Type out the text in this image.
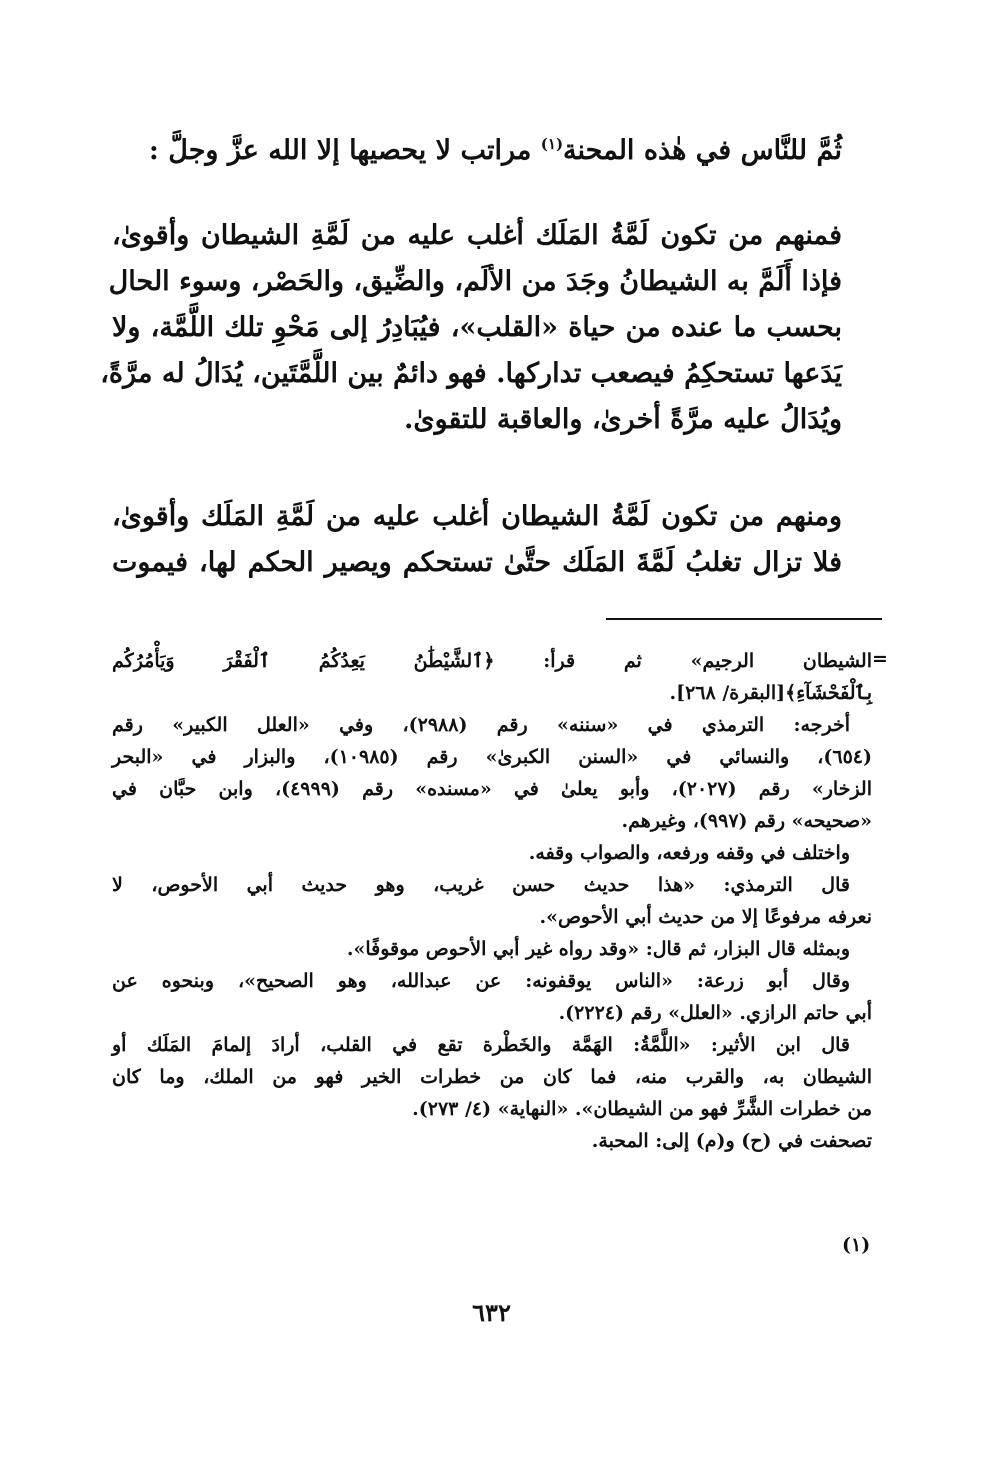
ثُمَّ للنَّاس في هٰذه المحنة$^{(١)}$ مراتب لا يحصيها إلا الله عزَّ وجلَّ :
فمنهم من تكون لَمَّةُ المَلَك أغلب عليه من لَمَّةِ الشيطان وأقوىٰ،
فإذا أَلَمَّ به الشيطانُ وجَدَ من الألَم، والضِّيق، والحَصْر، وسوء الحال
بحسب ما عنده من حياة «القلب»، فيُبَادِرُ إلى مَحْوِ تلك اللَّمَّة، ولا
يَدَعها تستحكِمُ فيصعب تداركها. فهو دائمٌ بين اللَّمَّتَين، يُدَالُ له مرَّةً،
ويُدَالُ عليه مرَّةً أخرىٰ، والعاقبة للتقوىٰ.
ومنهم من تكون لَمَّةُ الشيطان أغلب عليه من لَمَّةِ المَلَك وأقوىٰ،
فلا تزال تغلبُ لَمَّةَ المَلَك حتَّىٰ تستحكم ويصير الحكم لها، فيموت
=
الشيطان الرجيم» ثم قرأ: ﴿ٱلشَّيْطَٰنُ يَعِدُكُمُ ٱلْفَقْرَ وَيَأْمُرُكُم
بِٱلْفَحْشَآءِ﴾[البقرة/ ٢٦٨].
أخرجه: الترمذي في «سننه» رقم (٢٩٨٨)، وفي «العلل الكبير» رقم
(٦٥٤)، والنسائي في «السنن الكبرىٰ» رقم (١٠٩٨٥)، والبزار في «البحر
الزخار» رقم (٢٠٢٧)، وأبو يعلىٰ في «مسنده» رقم (٤٩٩٩)، وابن حبَّان في
«صحيحه» رقم (٩٩٧)، وغيرهم.
واختلف في وقفه ورفعه، والصواب وقفه.
قال الترمذي: «هذا حديث حسن غريب، وهو حديث أبي الأحوص، لا
نعرفه مرفوعًا إلا من حديث أبي الأحوص».
وبمثله قال البزار، ثم قال: «وقد رواه غير أبي الأحوص موقوفًا».
وقال أبو زرعة: «الناس يوقفونه: عن عبدالله، وهو الصحيح»، وبنحوه عن
أبي حاتم الرازي. «العلل» رقم (٢٢٢٤).
قال ابن الأثير: «اللَّمَّةُ: الهَمَّة والخَطْرة تقع في القلب، أرادَ إلمامَ المَلَك أو
الشيطان به، والقرب منه، فما كان من خطرات الخير فهو من الملك، وما كان
من خطرات الشَّرِّ فهو من الشيطان». «النهاية» (٤/ ٢٧٣).
تصحفت في (ح) و(م) إلى: المحبة.
(١)
٦٣٢
